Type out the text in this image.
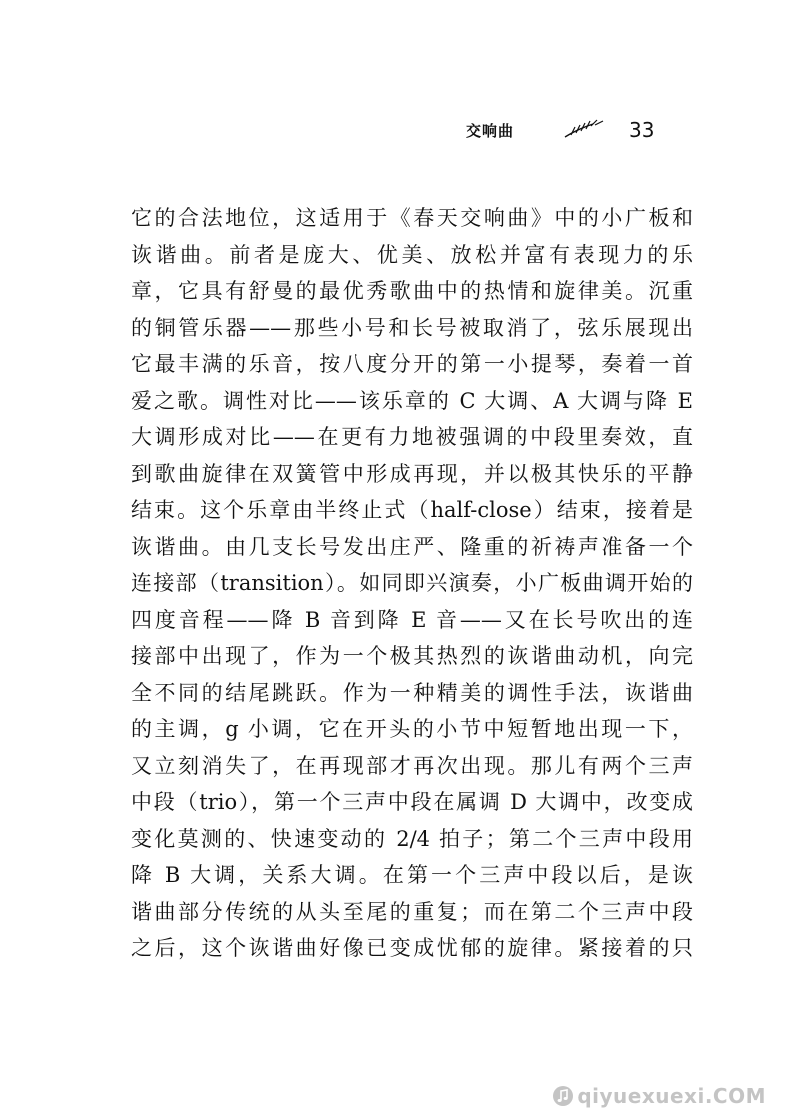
交响曲	33
它的合法地位，这适用于《春天交响曲》中的小广板和
诙谐曲。前者是庞大、优美、放松并富有表现力的乐
章，它具有舒曼的最优秀歌曲中的热情和旋律美。沉重
的铜管乐器——那些小号和长号被取消了，弦乐展现出
它最丰满的乐音，按八度分开的第一小提琴，奏着一首
爱之歌。调性对比——该乐章的 C 大调、A 大调与降 E
大调形成对比——在更有力地被强调的中段里奏效，直
到歌曲旋律在双簧管中形成再现，并以极其快乐的平静
结束。这个乐章由半终止式（half-close）结束，接着是
诙谐曲。由几支长号发出庄严、隆重的祈祷声准备一个
连接部（transition）。如同即兴演奏，小广板曲调开始的
四度音程——降 B 音到降 E 音——又在长号吹出的连
接部中出现了，作为一个极其热烈的诙谐曲动机，向完
全不同的结尾跳跃。作为一种精美的调性手法，诙谐曲
的主调，g 小调，它在开头的小节中短暂地出现一下，
又立刻消失了，在再现部才再次出现。那儿有两个三声
中段（trio），第一个三声中段在属调 D 大调中，改变成
变化莫测的、快速变动的 2/4 拍子；第二个三声中段用
降 B 大调，关系大调。在第一个三声中段以后，是诙
谐曲部分传统的从头至尾的重复；而在第二个三声中段
之后，这个诙谐曲好像已变成忧郁的旋律。紧接着的只
qiyuexuexi.COM
